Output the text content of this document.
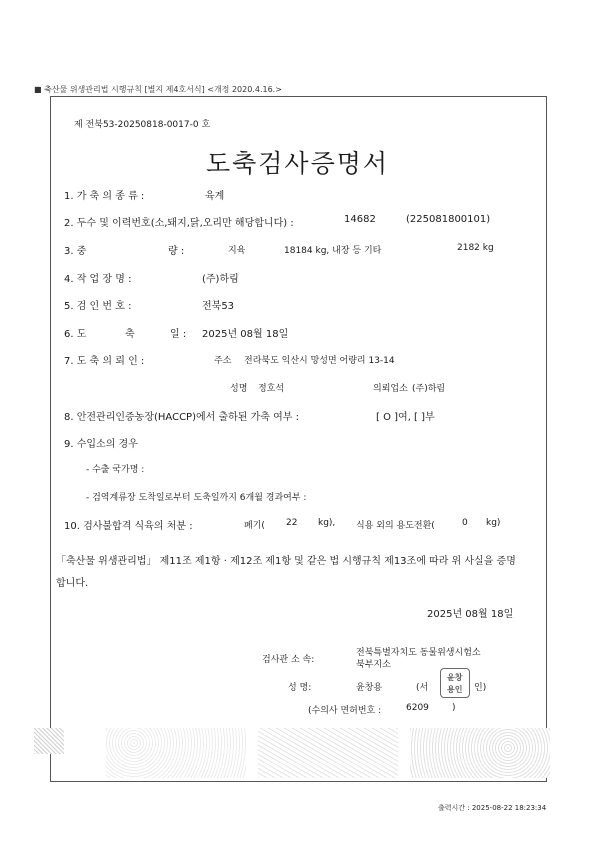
■ 축산물 위생관리법 시행규칙 [별지 제4호서식] <개정 2020.4.16.>
제 전북53-20250818-0017-0 호
도축검사증명서
1. 가 축 의 종 류 :	육계
2. 두수 및 이력번호(소,돼지,닭,오리만 해당합니다) :	14682	(225081800101)
3. 중	량 :	지육	18184 kg, 내장 등 기타	2182 kg
4. 작 업 장 명 :	(주)하림
5. 검 인 번 호 :	전북53
6. 도	축	일 : 2025년 08월 18일
7. 도 축 의 뢰 인 :	주소 전라북도 익산시 망성면 어량리 13-14
성명 정호석	의뢰업소 (주)하림
8. 안전관리인증농장(HACCP)에서 출하된 가축 여부 :	[ O ]여, [ ]부
9. 수입소의 경우
- 수출 국가명 :
- 검역계류장 도착일로부터 도축일까지 6개월 경과여부 :
10. 검사불합격 식육의 처분 :	폐기( 22 kg), 식용 외의 용도전환(	0 kg)
「축산물 위생관리법」 제11조 제1항 · 제12조 제1항 및 같은 법 시행규칙 제13조에 따라 위 사실을 증명
합니다.
2025년 08월 18일
검사관 소 속:
전북특별자치도 동물위생시험소
북부지소
성 명:	윤창용	(서	인)
윤창
용인
(수의사 면허번호 :	6209	)
출력시간 : 2025-08-22 18:23:34
